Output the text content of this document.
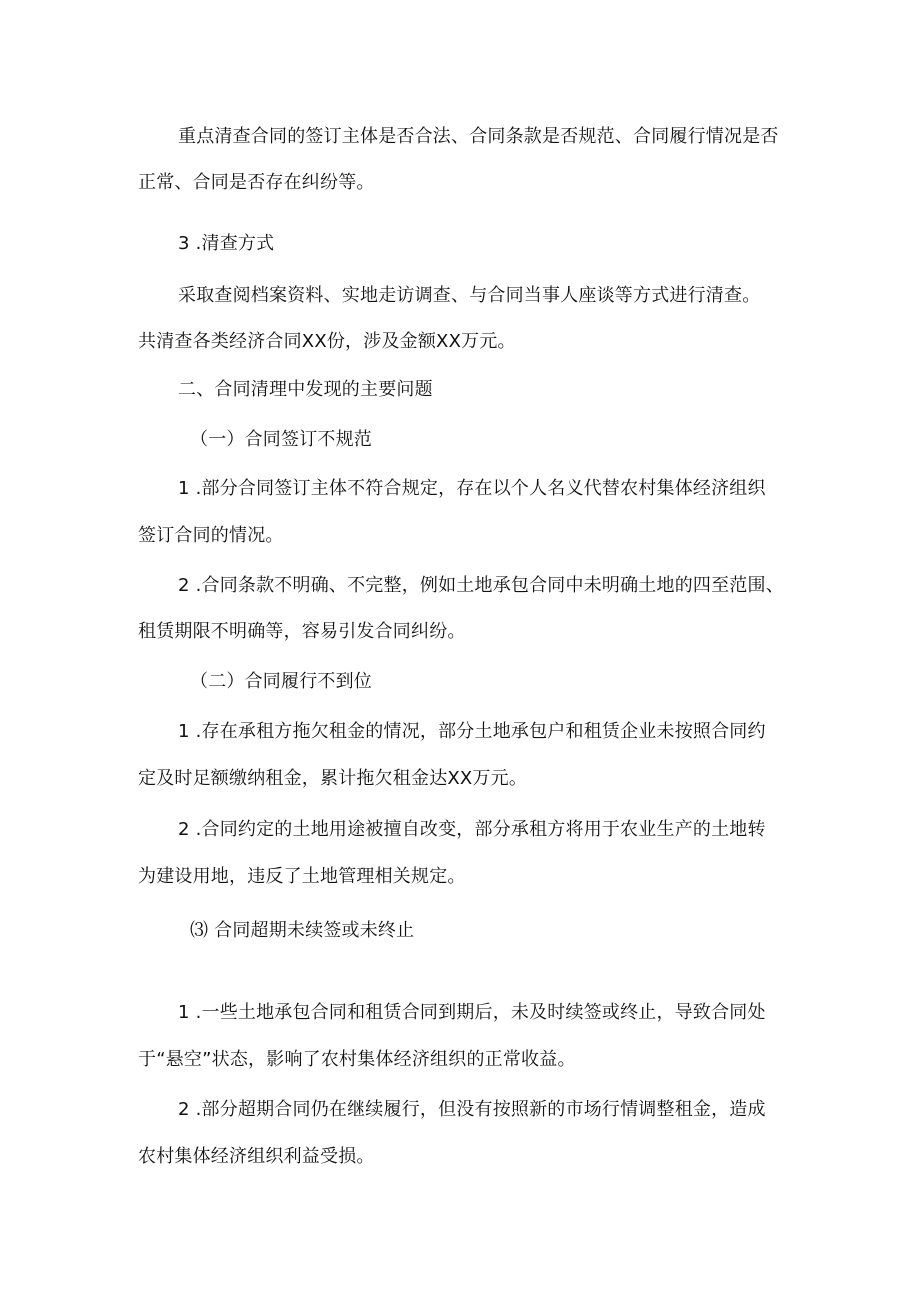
重点清查合同的签订主体是否合法、合同条款是否规范、合同履行情况是否
正常、合同是否存在纠纷等。
3 .清查方式
采取查阅档案资料、实地走访调查、与合同当事人座谈等方式进行清查。
共清查各类经济合同XX份，涉及金额XX万元。
二、合同清理中发现的主要问题
（一）合同签订不规范
1 .部分合同签订主体不符合规定，存在以个人名义代替农村集体经济组织
签订合同的情况。
2 .合同条款不明确、不完整，例如土地承包合同中未明确土地的四至范围、
租赁期限不明确等，容易引发合同纠纷。
（二）合同履行不到位
1 .存在承租方拖欠租金的情况，部分土地承包户和租赁企业未按照合同约
定及时足额缴纳租金，累计拖欠租金达XX万元。
2 .合同约定的土地用途被擅自改变，部分承租方将用于农业生产的土地转
为建设用地，违反了土地管理相关规定。
⑶ 合同超期未续签或未终止
1 .一些土地承包合同和租赁合同到期后，未及时续签或终止，导致合同处
于“悬空”状态，影响了农村集体经济组织的正常收益。
2 .部分超期合同仍在继续履行，但没有按照新的市场行情调整租金，造成
农村集体经济组织利益受损。
